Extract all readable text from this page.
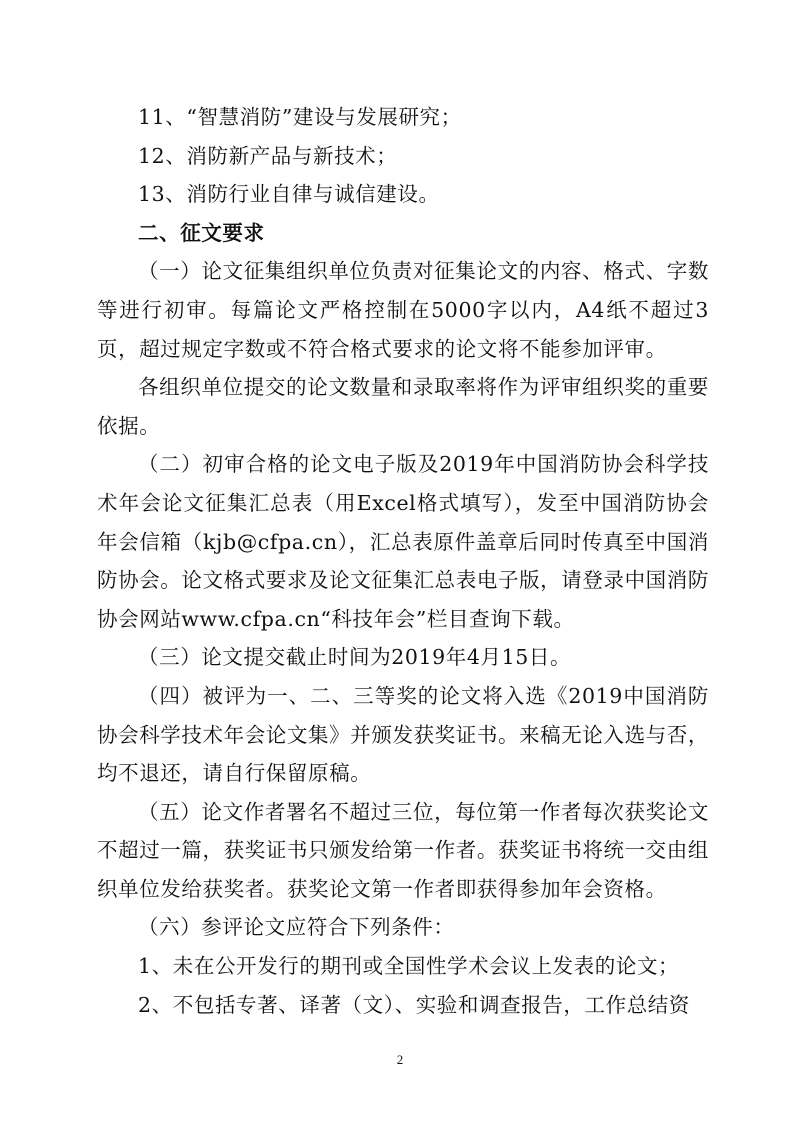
11、“智慧消防”建设与发展研究；

12、消防新产品与新技术；

13、消防行业自律与诚信建设。

二、征文要求

（一）论文征集组织单位负责对征集论文的内容、格式、字数等进行初审。每篇论文严格控制在5000字以内，A4纸不超过3页，超过规定字数或不符合格式要求的论文将不能参加评审。

各组织单位提交的论文数量和录取率将作为评审组织奖的重要依据。

（二）初审合格的论文电子版及2019年中国消防协会科学技术年会论文征集汇总表（用Excel格式填写），发至中国消防协会年会信箱（kjb@cfpa.cn），汇总表原件盖章后同时传真至中国消防协会。论文格式要求及论文征集汇总表电子版，请登录中国消防协会网站www.cfpa.cn“科技年会”栏目查询下载。

（三）论文提交截止时间为2019年4月15日。

（四）被评为一、二、三等奖的论文将入选《2019中国消防协会科学技术年会论文集》并颁发获奖证书。来稿无论入选与否，均不退还，请自行保留原稿。

（五）论文作者署名不超过三位，每位第一作者每次获奖论文不超过一篇，获奖证书只颁发给第一作者。获奖证书将统一交由组织单位发给获奖者。获奖论文第一作者即获得参加年会资格。

（六）参评论文应符合下列条件：

1、未在公开发行的期刊或全国性学术会议上发表的论文；

2、不包括专著、译著（文）、实验和调查报告，工作总结资

2
